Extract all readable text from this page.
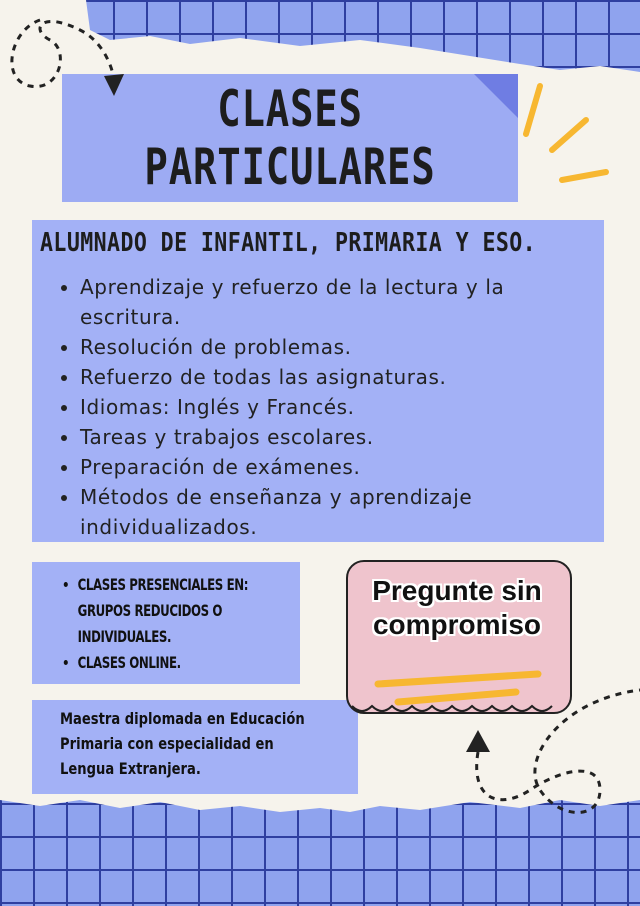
CLASES
PARTICULARES
ALUMNADO DE INFANTIL, PRIMARIA Y ESO.
• Aprendizaje y refuerzo de la lectura y la escritura.
• Resolución de problemas.
• Refuerzo de todas las asignaturas.
• Idiomas: Inglés y Francés.
• Tareas y trabajos escolares.
• Preparación de exámenes.
• Métodos de enseñanza y aprendizaje individualizados.
• CLASES PRESENCIALES EN: GRUPOS REDUCIDOS O INDIVIDUALES.
• CLASES ONLINE.
Maestra diplomada en Educación Primaria con especialidad en Lengua Extranjera.
Pregunte sin
compromiso
